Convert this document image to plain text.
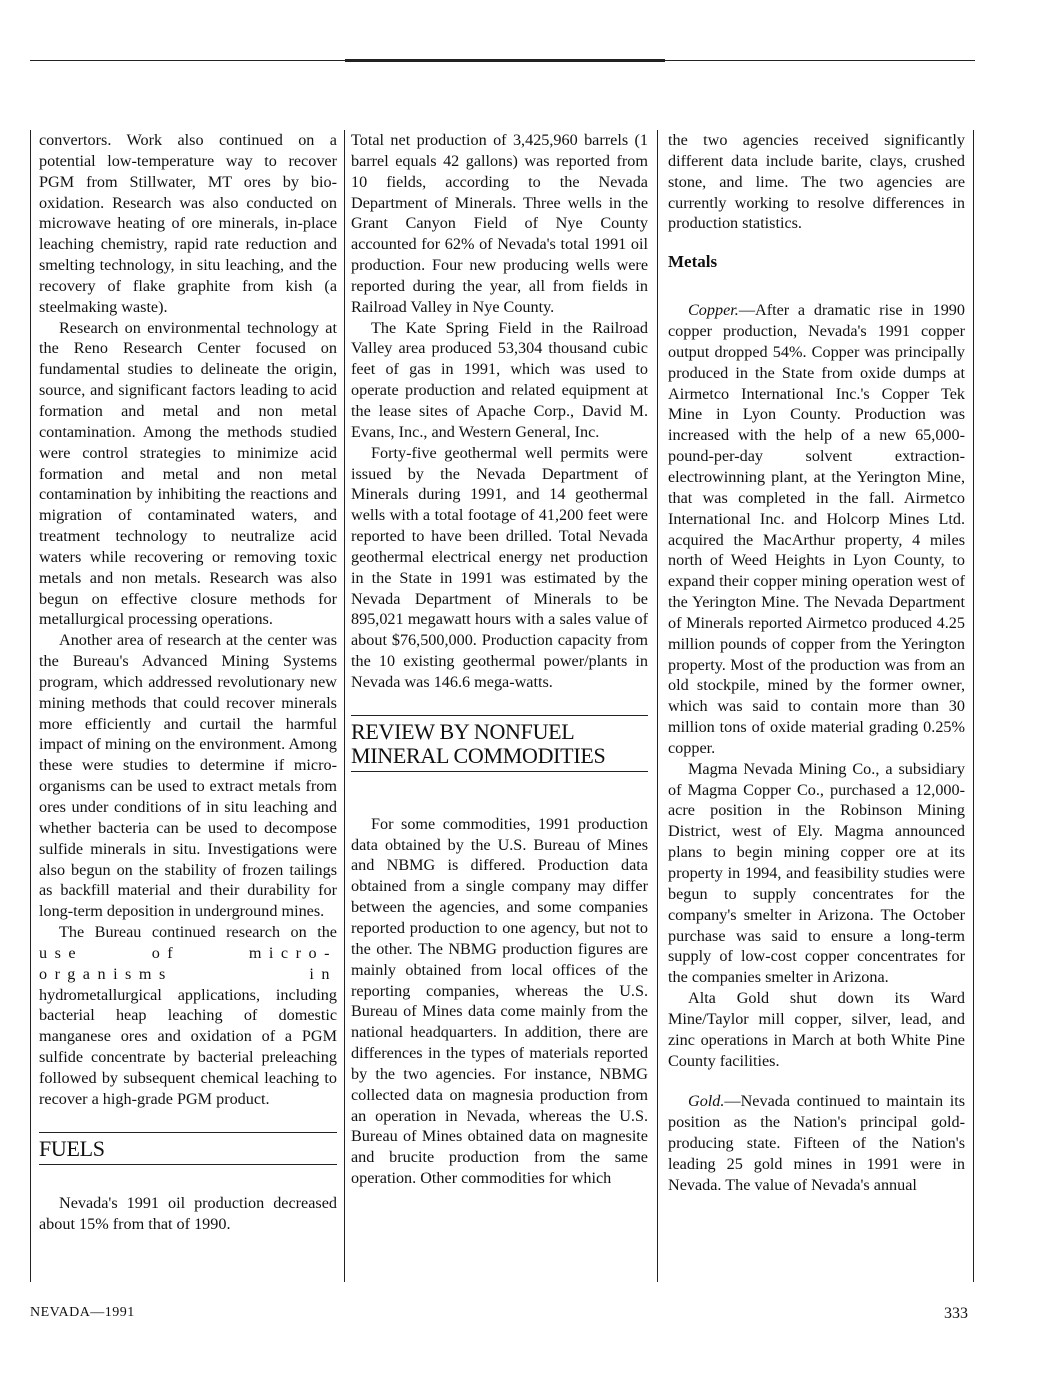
convertors. Work also continued on a potential low-temperature way to recover PGM from Stillwater, MT ores by bio-oxidation. Research was also conducted on microwave heating of ore minerals, in-place leaching chemistry, rapid rate reduction and smelting technology, in situ leaching, and the recovery of flake graphite from kish (a steelmaking waste).

Research on environmental technology at the Reno Research Center focused on fundamental studies to delineate the origin, source, and significant factors leading to acid formation and metal and non metal contamination. Among the methods studied were control strategies to minimize acid formation and metal and non metal contamination by inhibiting the reactions and migration of contaminated waters, and treatment technology to neutralize acid waters while recovering or removing toxic metals and non metals. Research was also begun on effective closure methods for metallurgical processing operations.

Another area of research at the center was the Bureau's Advanced Mining Systems program, which addressed revolutionary new mining methods that could recover minerals more efficiently and curtail the harmful impact of mining on the environment. Among these were studies to determine if micro-organisms can be used to extract metals from ores under conditions of in situ leaching and whether bacteria can be used to decompose sulfide minerals in situ. Investigations were also begun on the stability of frozen tailings as backfill material and their durability for long-term deposition in underground mines.

The Bureau continued research on the use of micro-organisms in hydrometallurgical applications, including bacterial heap leaching of domestic manganese ores and oxidation of a PGM sulfide concentrate by bacterial preleaching followed by subsequent chemical leaching to recover a high-grade PGM product.

FUELS

Nevada's 1991 oil production decreased about 15% from that of 1990.

Total net production of 3,425,960 barrels (1 barrel equals 42 gallons) was reported from 10 fields, according to the Nevada Department of Minerals. Three wells in the Grant Canyon Field of Nye County accounted for 62% of Nevada's total 1991 oil production. Four new producing wells were reported during the year, all from fields in Railroad Valley in Nye County.

The Kate Spring Field in the Railroad Valley area produced 53,304 thousand cubic feet of gas in 1991, which was used to operate production and related equipment at the lease sites of Apache Corp., David M. Evans, Inc., and Western General, Inc.

Forty-five geothermal well permits were issued by the Nevada Department of Minerals during 1991, and 14 geothermal wells with a total footage of 41,200 feet were reported to have been drilled. Total Nevada geothermal electrical energy net production in the State in 1991 was estimated by the Nevada Department of Minerals to be 895,021 megawatt hours with a sales value of about $76,500,000. Production capacity from the 10 existing geothermal power/plants in Nevada was 146.6 mega-watts.

REVIEW BY NONFUEL
MINERAL COMMODITIES

For some commodities, 1991 production data obtained by the U.S. Bureau of Mines and NBMG is differed. Production data obtained from a single company may differ between the agencies, and some companies reported production to one agency, but not to the other. The NBMG production figures are mainly obtained from local offices of the reporting companies, whereas the U.S. Bureau of Mines data come mainly from the national headquarters. In addition, there are differences in the types of materials reported by the two agencies. For instance, NBMG collected data on magnesia production from an operation in Nevada, whereas the U.S. Bureau of Mines obtained data on magnesite and brucite production from the same operation. Other commodities for which

the two agencies received significantly different data include barite, clays, crushed stone, and lime. The two agencies are currently working to resolve differences in production statistics.

Metals

Copper.—After a dramatic rise in 1990 copper production, Nevada's 1991 copper output dropped 54%. Copper was principally produced in the State from oxide dumps at Airmetco International Inc.'s Copper Tek Mine in Lyon County. Production was increased with the help of a new 65,000-pound-per-day solvent extraction-electrowinning plant, at the Yerington Mine, that was completed in the fall. Airmetco International Inc. and Holcorp Mines Ltd. acquired the MacArthur property, 4 miles north of Weed Heights in Lyon County, to expand their copper mining operation west of the Yerington Mine. The Nevada Department of Minerals reported Airmetco produced 4.25 million pounds of copper from the Yerington property. Most of the production was from an old stockpile, mined by the former owner, which was said to contain more than 30 million tons of oxide material grading 0.25% copper.

Magma Nevada Mining Co., a subsidiary of Magma Copper Co., purchased a 12,000-acre position in the Robinson Mining District, west of Ely. Magma announced plans to begin mining copper ore at its property in 1994, and feasibility studies were begun to supply concentrates for the company's smelter in Arizona. The October purchase was said to ensure a long-term supply of low-cost copper concentrates for the companies smelter in Arizona.

Alta Gold shut down its Ward Mine/Taylor mill copper, silver, lead, and zinc operations in March at both White Pine County facilities.

Gold.—Nevada continued to maintain its position as the Nation's principal gold-producing state. Fifteen of the Nation's leading 25 gold mines in 1991 were in Nevada. The value of Nevada's annual

NEVADA—1991	333
